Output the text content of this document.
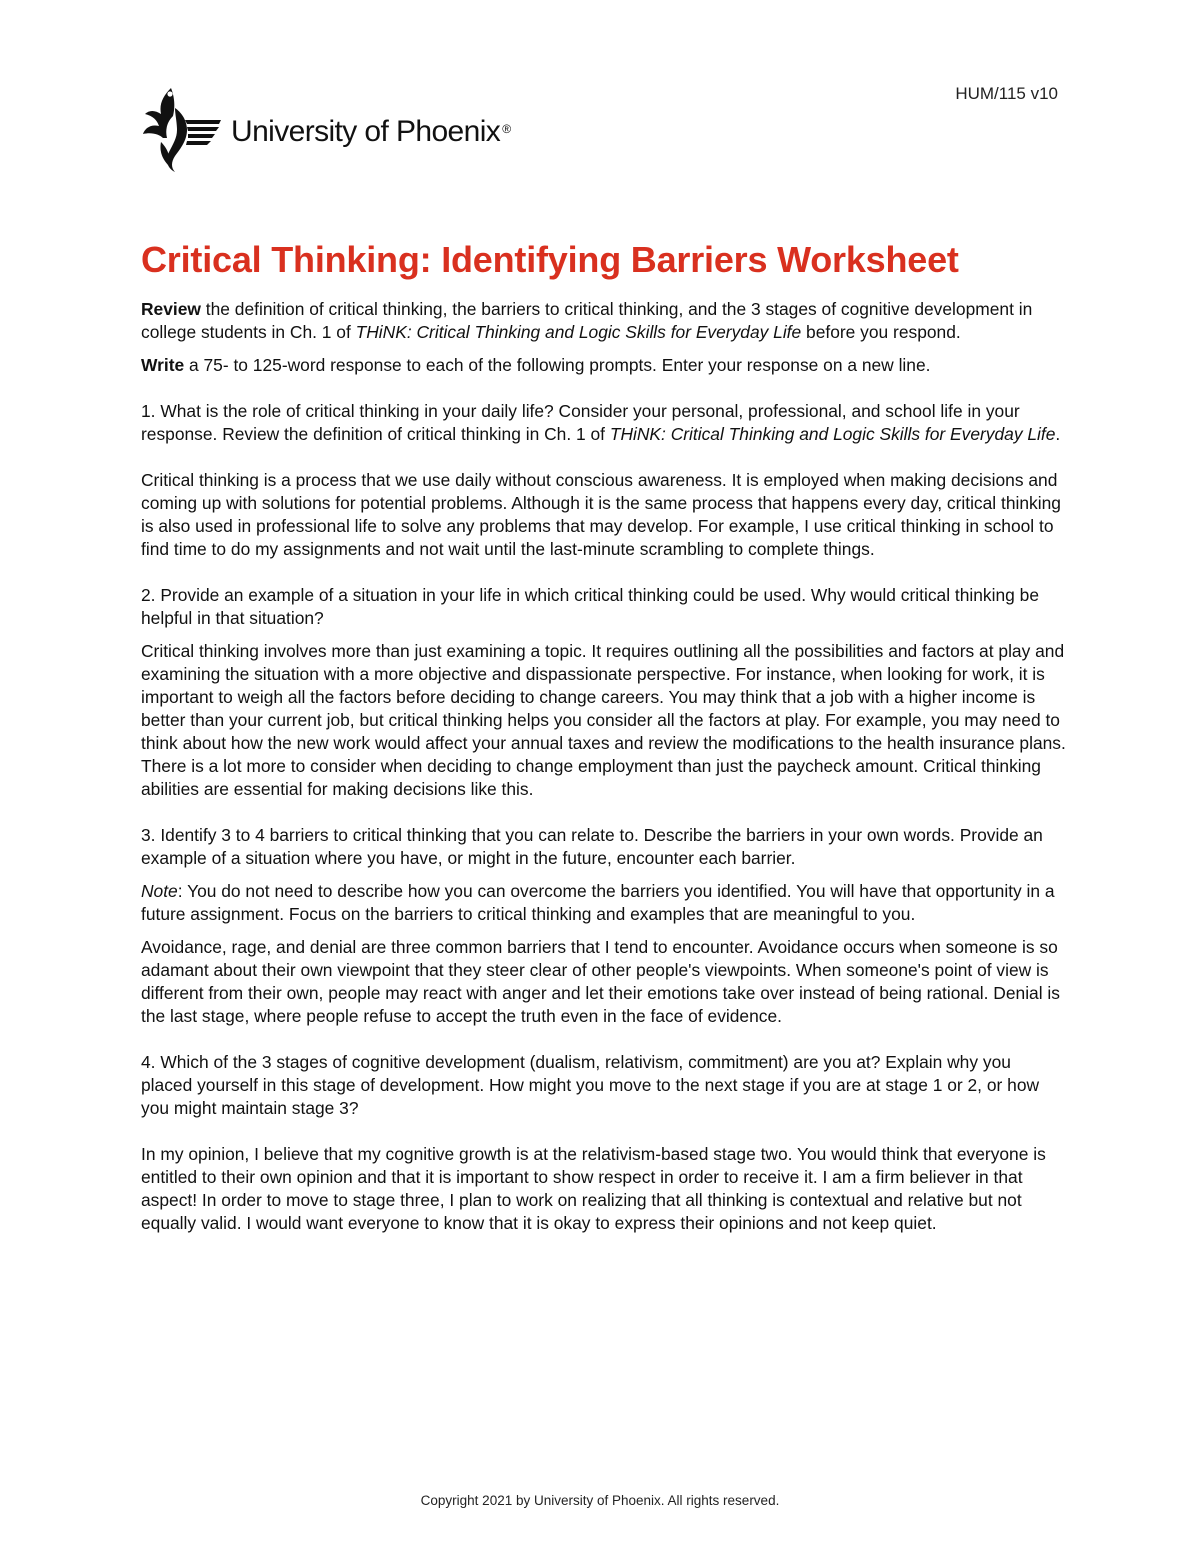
HUM/115 v10
University of Phoenix ®
Critical Thinking: Identifying Barriers Worksheet

Review the definition of critical thinking, the barriers to critical thinking, and the 3 stages of cognitive development in college students in Ch. 1 of THiNK: Critical Thinking and Logic Skills for Everyday Life before you respond.

Write a 75- to 125-word response to each of the following prompts. Enter your response on a new line.

1. What is the role of critical thinking in your daily life? Consider your personal, professional, and school life in your response. Review the definition of critical thinking in Ch. 1 of THiNK: Critical Thinking and Logic Skills for Everyday Life.

Critical thinking is a process that we use daily without conscious awareness. It is employed when making decisions and coming up with solutions for potential problems. Although it is the same process that happens every day, critical thinking is also used in professional life to solve any problems that may develop. For example, I use critical thinking in school to find time to do my assignments and not wait until the last-minute scrambling to complete things.

2. Provide an example of a situation in your life in which critical thinking could be used. Why would critical thinking be helpful in that situation?

Critical thinking involves more than just examining a topic. It requires outlining all the possibilities and factors at play and examining the situation with a more objective and dispassionate perspective. For instance, when looking for work, it is important to weigh all the factors before deciding to change careers. You may think that a job with a higher income is better than your current job, but critical thinking helps you consider all the factors at play. For example, you may need to think about how the new work would affect your annual taxes and review the modifications to the health insurance plans. There is a lot more to consider when deciding to change employment than just the paycheck amount. Critical thinking abilities are essential for making decisions like this.

3. Identify 3 to 4 barriers to critical thinking that you can relate to. Describe the barriers in your own words. Provide an example of a situation where you have, or might in the future, encounter each barrier.

Note: You do not need to describe how you can overcome the barriers you identified. You will have that opportunity in a future assignment. Focus on the barriers to critical thinking and examples that are meaningful to you.

Avoidance, rage, and denial are three common barriers that I tend to encounter. Avoidance occurs when someone is so adamant about their own viewpoint that they steer clear of other people's viewpoints. When someone's point of view is different from their own, people may react with anger and let their emotions take over instead of being rational. Denial is the last stage, where people refuse to accept the truth even in the face of evidence.

4. Which of the 3 stages of cognitive development (dualism, relativism, commitment) are you at? Explain why you placed yourself in this stage of development. How might you move to the next stage if you are at stage 1 or 2, or how you might maintain stage 3?

In my opinion, I believe that my cognitive growth is at the relativism-based stage two. You would think that everyone is entitled to their own opinion and that it is important to show respect in order to receive it. I am a firm believer in that aspect! In order to move to stage three, I plan to work on realizing that all thinking is contextual and relative but not equally valid. I would want everyone to know that it is okay to express their opinions and not keep quiet.

Copyright 2021 by University of Phoenix. All rights reserved.
